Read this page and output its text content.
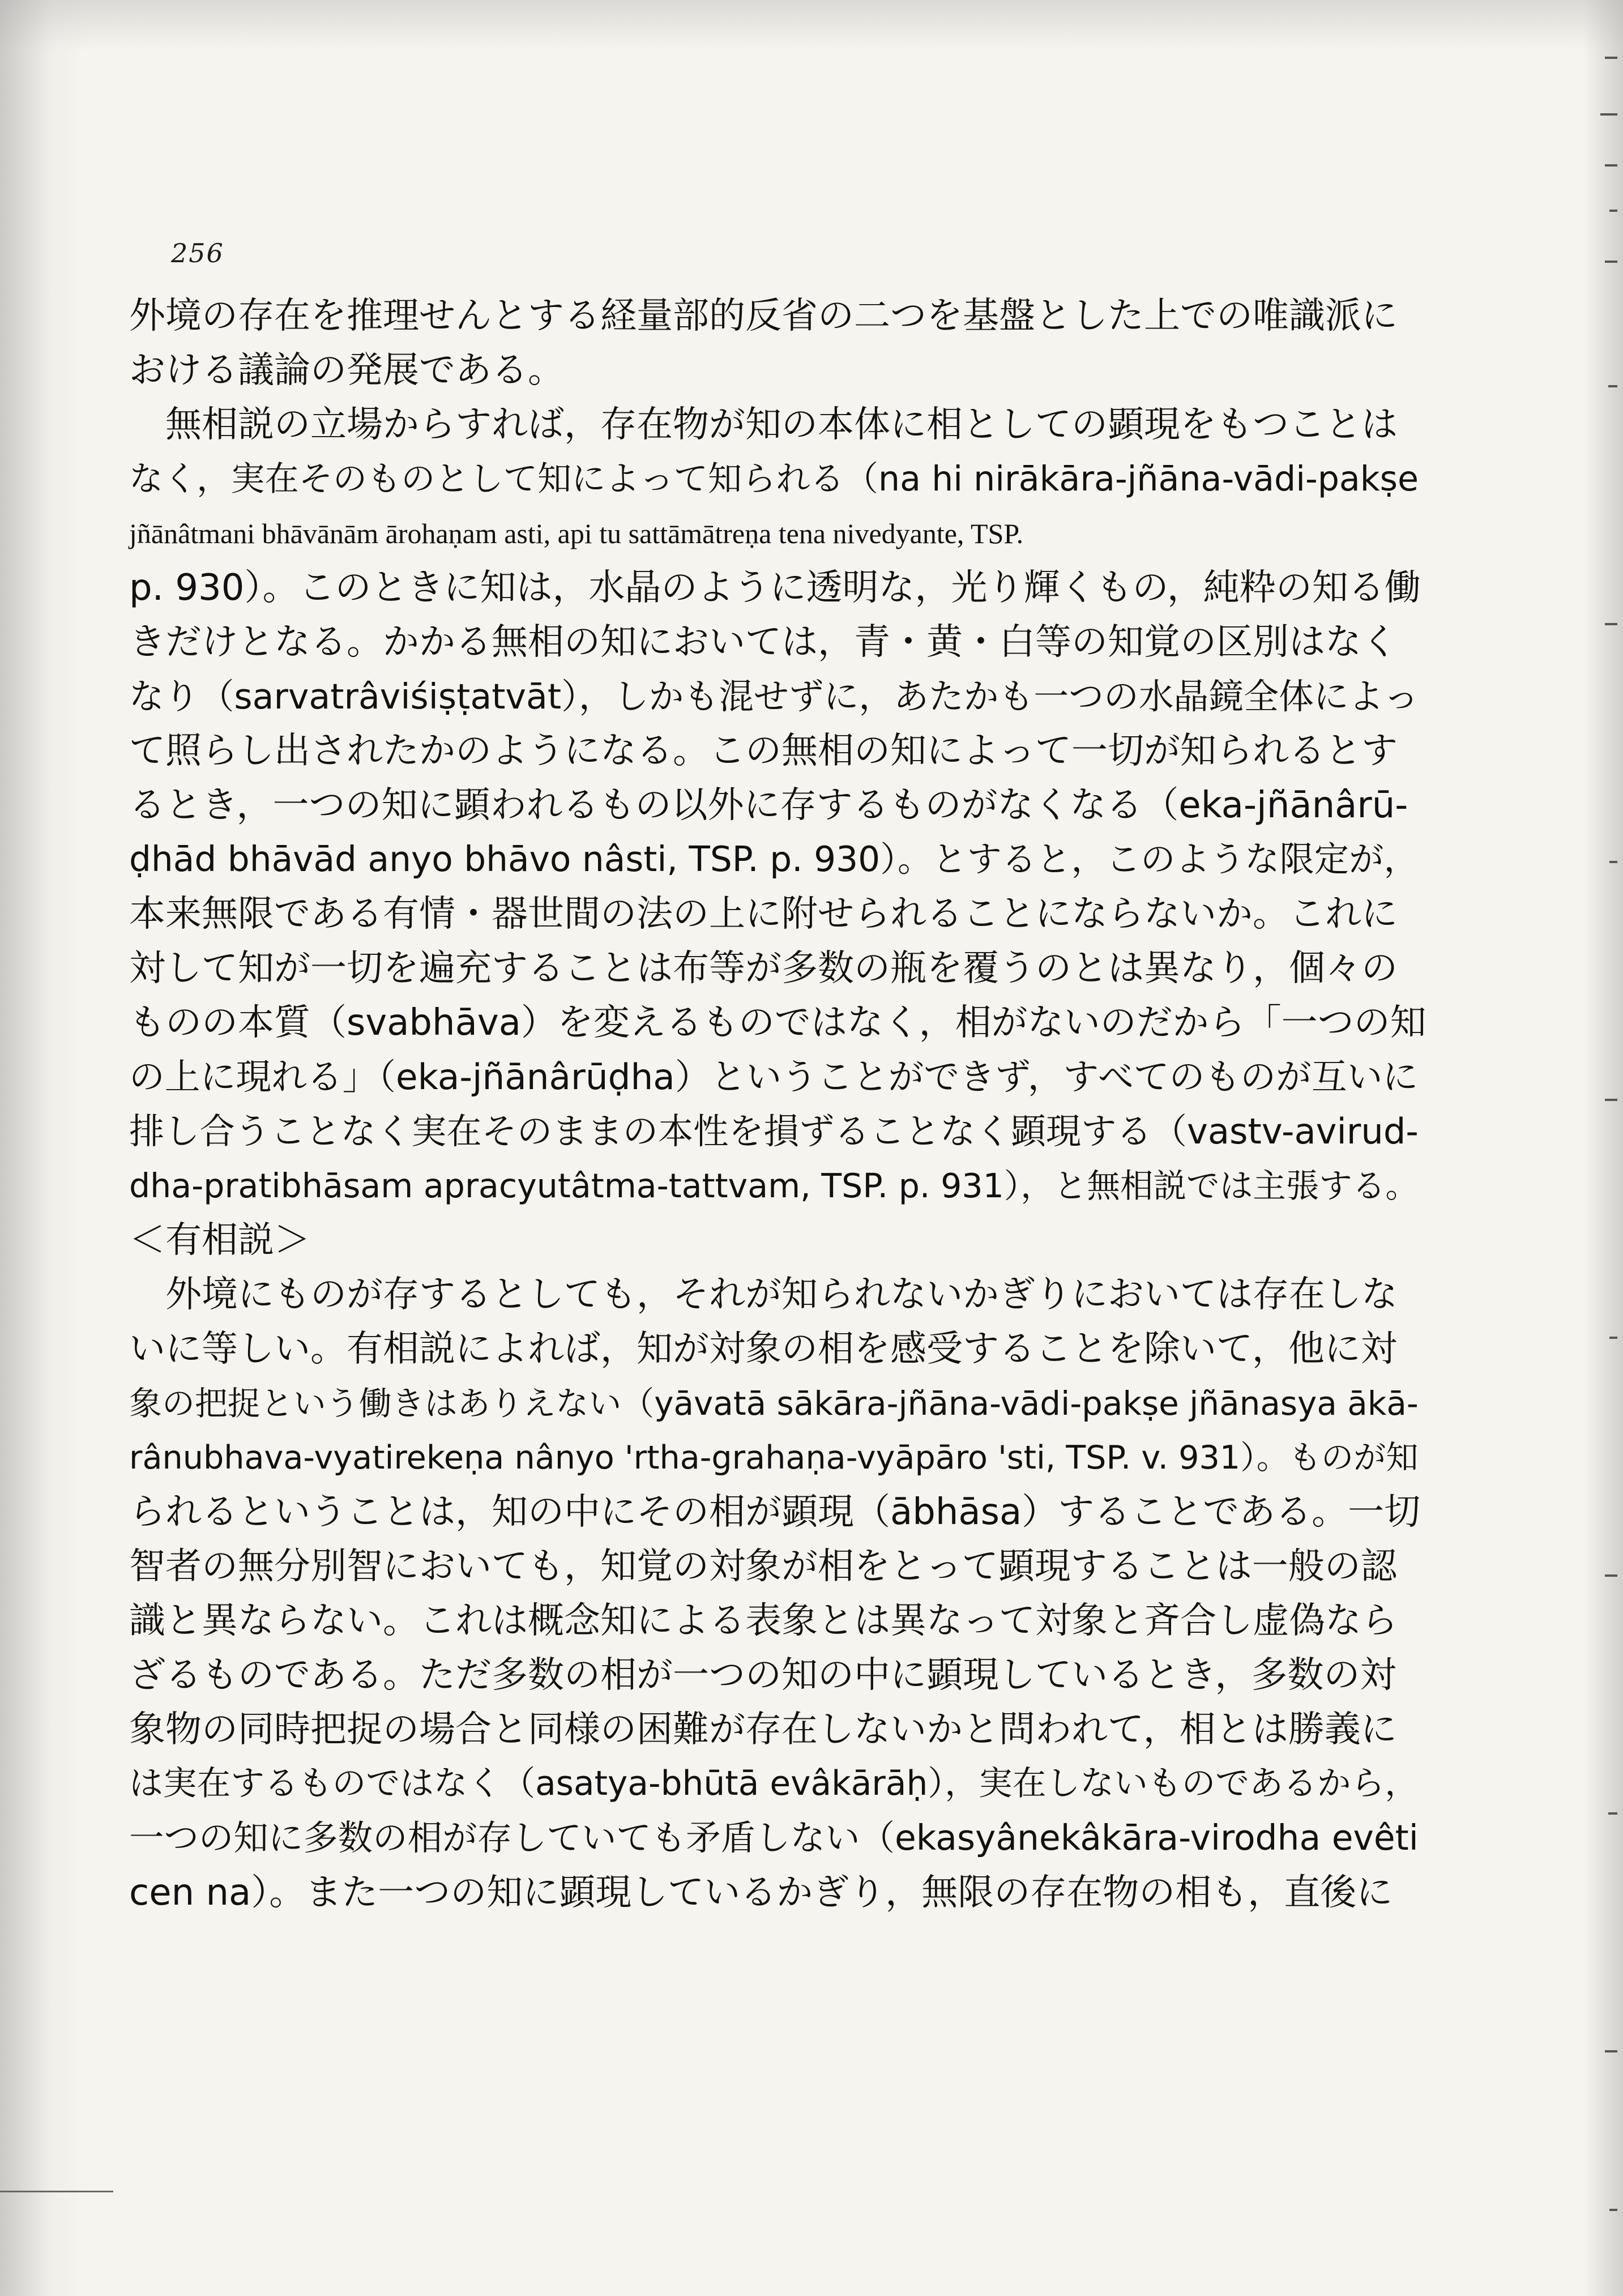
256
外境の存在を推理せんとする経量部的反省の二つを基盤とした上での唯識派に
おける議論の発展である。
無相説の立場からすれば，存在物が知の本体に相としての顕現をもつことは
なく，実在そのものとして知によって知られる（na hi nirākāra-jñāna-vādi-pakṣe
jñānâtmani bhāvānām ārohaṇam asti, api tu sattāmātreṇa tena nivedyante, TSP.
p. 930）。このときに知は，水晶のように透明な，光り輝くもの，純粋の知る働
きだけとなる。かかる無相の知においては，青・黄・白等の知覚の区別はなく
なり（sarvatrâviśiṣṭatvāt），しかも混せずに，あたかも一つの水晶鏡全体によっ
て照らし出されたかのようになる。この無相の知によって一切が知られるとす
るとき，一つの知に顕われるもの以外に存するものがなくなる（eka-jñānârū-
ḍhād bhāvād anyo bhāvo nâsti, TSP. p. 930）。とすると，このような限定が，
本来無限である有情・器世間の法の上に附せられることにならないか。これに
対して知が一切を遍充することは布等が多数の瓶を覆うのとは異なり，個々の
ものの本質（svabhāva）を変えるものではなく，相がないのだから「一つの知
の上に現れる」（eka-jñānârūḍha）ということができず，すべてのものが互いに
排し合うことなく実在そのままの本性を損ずることなく顕現する（vastv-avirud-
dha-pratibhāsam apracyutâtma-tattvam, TSP. p. 931），と無相説では主張する。
＜有相説＞
外境にものが存するとしても，それが知られないかぎりにおいては存在しな
いに等しい。有相説によれば，知が対象の相を感受することを除いて，他に対
象の把捉という働きはありえない（yāvatā sākāra-jñāna-vādi-pakṣe jñānasya ākā-
rânubhava-vyatirekeṇa nânyo 'rtha-grahaṇa-vyāpāro 'sti, TSP. v. 931）。ものが知
られるということは，知の中にその相が顕現（ābhāsa）することである。一切
智者の無分別智においても，知覚の対象が相をとって顕現することは一般の認
識と異ならない。これは概念知による表象とは異なって対象と斉合し虚偽なら
ざるものである。ただ多数の相が一つの知の中に顕現しているとき，多数の対
象物の同時把捉の場合と同様の困難が存在しないかと問われて，相とは勝義に
は実在するものではなく（asatya-bhūtā evâkārāḥ），実在しないものであるから，
一つの知に多数の相が存していても矛盾しない（ekasyânekâkāra-virodha evêti
cen na）。また一つの知に顕現しているかぎり，無限の存在物の相も，直後に
